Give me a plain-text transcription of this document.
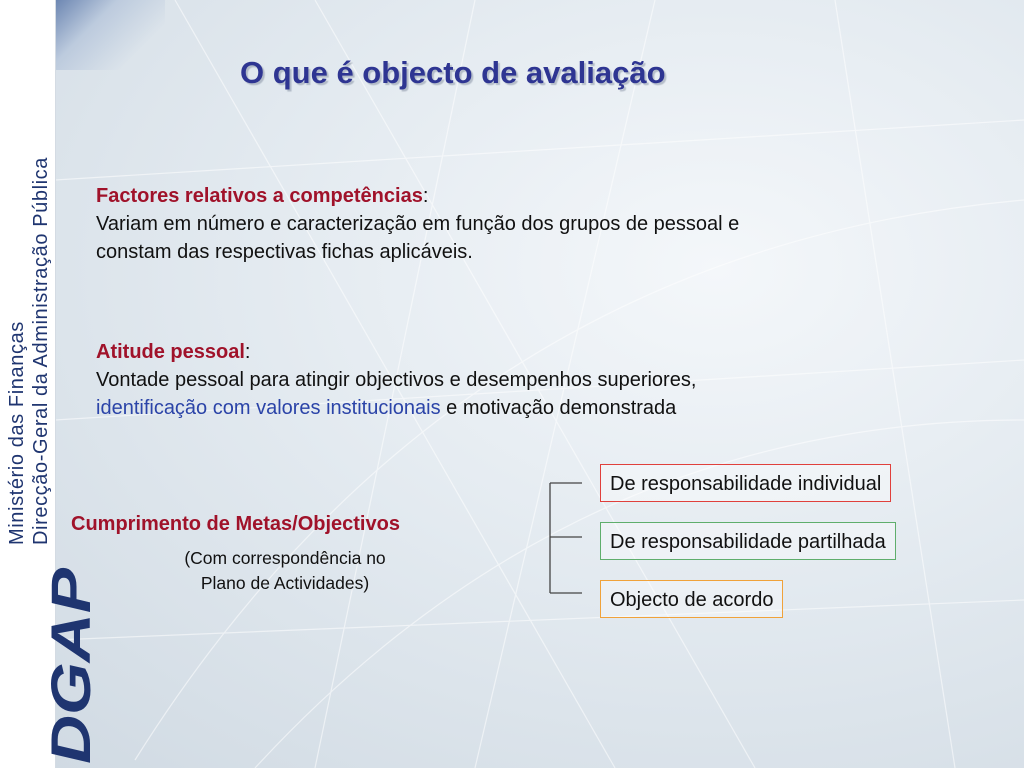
Ministério das Finanças Direcção-Geral da Administração Pública
DGAP
O que é objecto de avaliação
Factores relativos a competências:
Variam em número e caracterização em função dos grupos de pessoal e
constam das respectivas fichas aplicáveis.
Atitude pessoal:
Vontade pessoal para atingir objectivos e desempenhos superiores,
identificação com valores institucionais e motivação demonstrada
Cumprimento de Metas/Objectivos
(Com correspondência no
Plano de Actividades)
De responsabilidade individual
De responsabilidade partilhada
Objecto de acordo
